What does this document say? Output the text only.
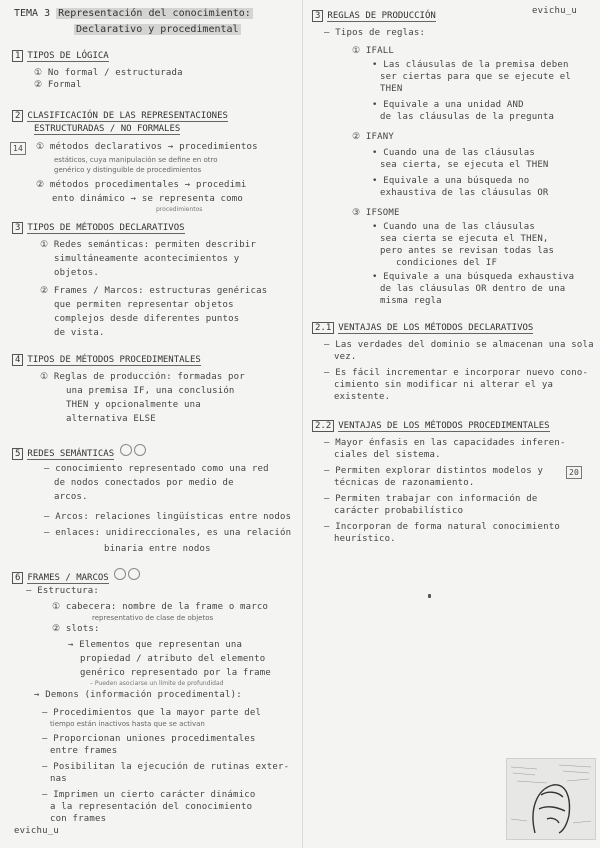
evichu_u
evichu_u
TEMA 3 Representación del conocimiento:
Declarativo y procedimental
1 TIPOS DE LÓGICA
① No formal / estructurada
② Formal
2 CLASIFICACIÓN DE LAS REPRESENTACIONES
ESTRUCTURADAS / NO FORMALES
14	① métodos declarativos → procedimientos
estáticos, cuya manipulación se define en otro
genérico y distinguible de procedimientos
② métodos procedimentales → procedimi
ento dinámico → se representa como
procedimientos
3 TIPOS DE MÉTODOS DECLARATIVOS
① Redes semánticas: permiten describir
simultáneamente acontecimientos y
objetos.
② Frames / Marcos: estructuras genéricas
que permiten representar objetos
complejos desde diferentes puntos
de vista.
4 TIPOS DE MÉTODOS PROCEDIMENTALES
① Reglas de producción: formadas por
una premisa IF, una conclusión
THEN y opcionalmente una
alternativa ELSE
5 REDES SEMÁNTICAS
– conocimiento representado como una red
de nodos conectados por medio de
arcos.
– Arcos: relaciones lingüísticas entre nodos
– enlaces: unidireccionales, es una relación
binaria entre nodos
6 FRAMES / MARCOS
– Estructura:
① cabecera: nombre de la frame o marco
representativo de clase de objetos
② slots:
→ Elementos que representan una
propiedad / atributo del elemento
genérico representado por la frame
– Pueden asociarse un límite de profundidad
→ Demons (información procedimental):
– Procedimientos que la mayor parte del
tiempo están inactivos hasta que se activan
– Proporcionan uniones procedimentales
entre frames
– Posibilitan la ejecución de rutinas exter-
nas
– Imprimen un cierto carácter dinámico
a la representación del conocimiento
con frames
3 REGLAS DE PRODUCCIÓN
– Tipos de reglas:
① IFALL
• Las cláusulas de la premisa deben
ser ciertas para que se ejecute el
THEN
• Equivale a una unidad AND
de las cláusulas de la pregunta
② IFANY
• Cuando una de las cláusulas
sea cierta, se ejecuta el THEN
• Equivale a una búsqueda no
exhaustiva de las cláusulas OR
③ IFSOME
• Cuando una de las cláusulas
sea cierta se ejecuta el THEN,
pero antes se revisan todas las
condiciones del IF
• Equivale a una búsqueda exhaustiva
de las cláusulas OR dentro de una
misma regla
2.1 VENTAJAS DE LOS MÉTODOS DECLARATIVOS
– Las verdades del dominio se almacenan una sola
vez.
– Es fácil incrementar e incorporar nuevo cono-
cimiento sin modificar ni alterar el ya
existente.
2.2 VENTAJAS DE LOS MÉTODOS PROCEDIMENTALES
– Mayor énfasis en las capacidades inferen-
ciales del sistema.
– Permiten explorar distintos modelos y	20
técnicas de razonamiento.
– Permiten trabajar con información de
carácter probabilístico
– Incorporan de forma natural conocimiento
heurístico.
